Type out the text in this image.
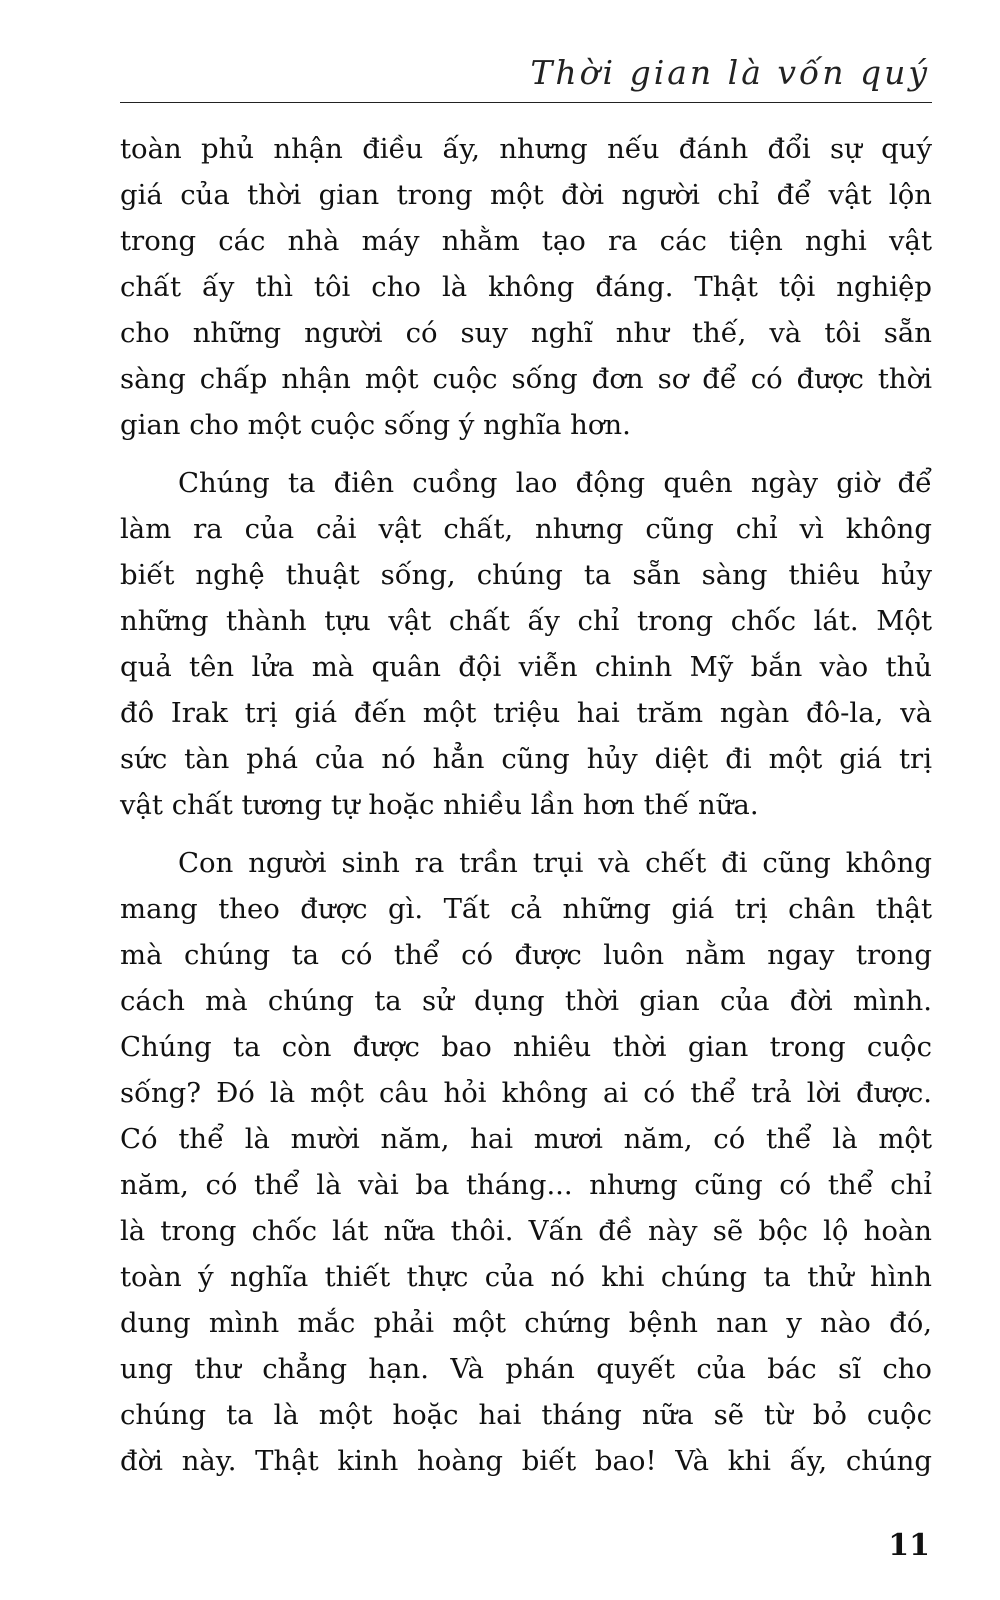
Thời gian là vốn quý

toàn phủ nhận điều ấy, nhưng nếu đánh đổi sự quý
giá của thời gian trong một đời người chỉ để vật lộn
trong các nhà máy nhằm tạo ra các tiện nghi vật
chất ấy thì tôi cho là không đáng. Thật tội nghiệp
cho những người có suy nghĩ như thế, và tôi sẵn
sàng chấp nhận một cuộc sống đơn sơ để có được thời
gian cho một cuộc sống ý nghĩa hơn.

Chúng ta điên cuồng lao động quên ngày giờ để
làm ra của cải vật chất, nhưng cũng chỉ vì không
biết nghệ thuật sống, chúng ta sẵn sàng thiêu hủy
những thành tựu vật chất ấy chỉ trong chốc lát. Một
quả tên lửa mà quân đội viễn chinh Mỹ bắn vào thủ
đô Irak trị giá đến một triệu hai trăm ngàn đô-la, và
sức tàn phá của nó hẳn cũng hủy diệt đi một giá trị
vật chất tương tự hoặc nhiều lần hơn thế nữa.

Con người sinh ra trần trụi và chết đi cũng không
mang theo được gì. Tất cả những giá trị chân thật
mà chúng ta có thể có được luôn nằm ngay trong
cách mà chúng ta sử dụng thời gian của đời mình.
Chúng ta còn được bao nhiêu thời gian trong cuộc
sống? Đó là một câu hỏi không ai có thể trả lời được.
Có thể là mười năm, hai mươi năm, có thể là một
năm, có thể là vài ba tháng... nhưng cũng có thể chỉ
là trong chốc lát nữa thôi. Vấn đề này sẽ bộc lộ hoàn
toàn ý nghĩa thiết thực của nó khi chúng ta thử hình
dung mình mắc phải một chứng bệnh nan y nào đó,
ung thư chẳng hạn. Và phán quyết của bác sĩ cho
chúng ta là một hoặc hai tháng nữa sẽ từ bỏ cuộc
đời này. Thật kinh hoàng biết bao! Và khi ấy, chúng

11
